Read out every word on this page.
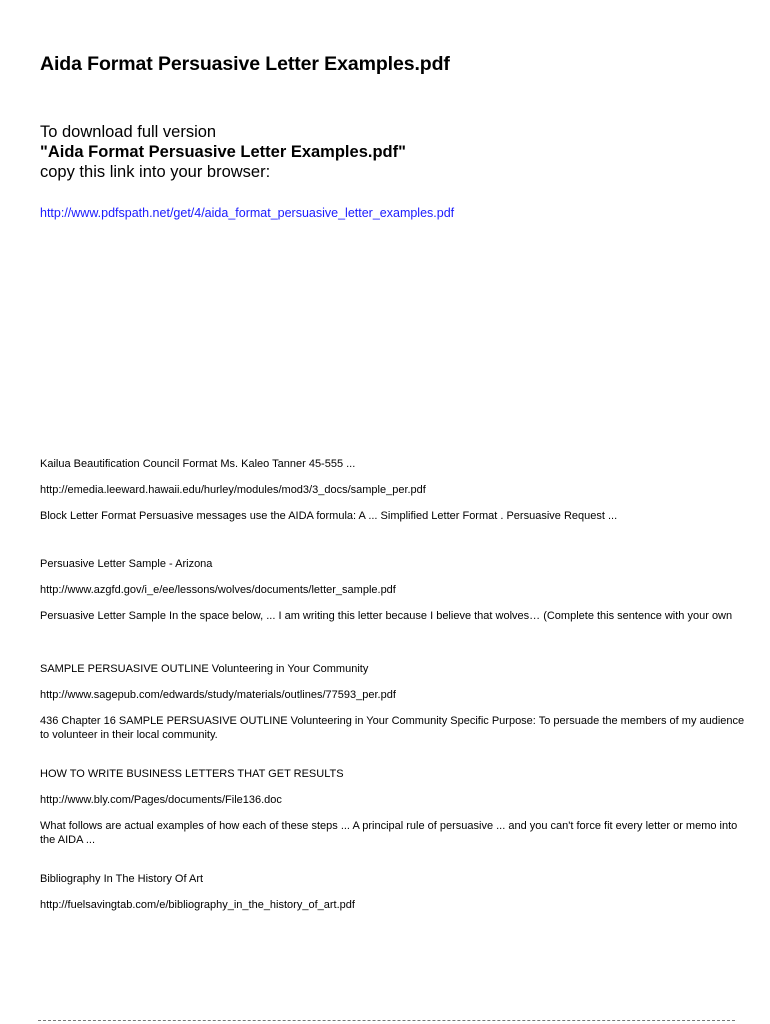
Aida Format Persuasive Letter Examples.pdf
To download full version
"Aida Format Persuasive Letter Examples.pdf"
copy this link into your browser:
http://www.pdfspath.net/get/4/aida_format_persuasive_letter_examples.pdf

Kailua Beautification Council Format Ms. Kaleo Tanner 45-555 ...

http://emedia.leeward.hawaii.edu/hurley/modules/mod3/3_docs/sample_per.pdf

Block Letter Format Persuasive messages use the AIDA formula: A ... Simplified Letter Format . Persuasive Request ...

Persuasive Letter Sample - Arizona

http://www.azgfd.gov/i_e/ee/lessons/wolves/documents/letter_sample.pdf

Persuasive Letter Sample In the space below, ... I am writing this letter because I believe that wolves… (Complete this sentence with your own

SAMPLE PERSUASIVE OUTLINE Volunteering in Your Community

http://www.sagepub.com/edwards/study/materials/outlines/77593_per.pdf

436 Chapter 16 SAMPLE PERSUASIVE OUTLINE Volunteering in Your Community Specific Purpose: To persuade the members of my audience to volunteer in their local community.

HOW TO WRITE BUSINESS LETTERS THAT GET RESULTS

http://www.bly.com/Pages/documents/File136.doc

What follows are actual examples of how each of these steps ... A principal rule of persuasive ... and you can't force fit every letter or memo into the AIDA ...

Bibliography In The History Of Art

http://fuelsavingtab.com/e/bibliography_in_the_history_of_art.pdf
